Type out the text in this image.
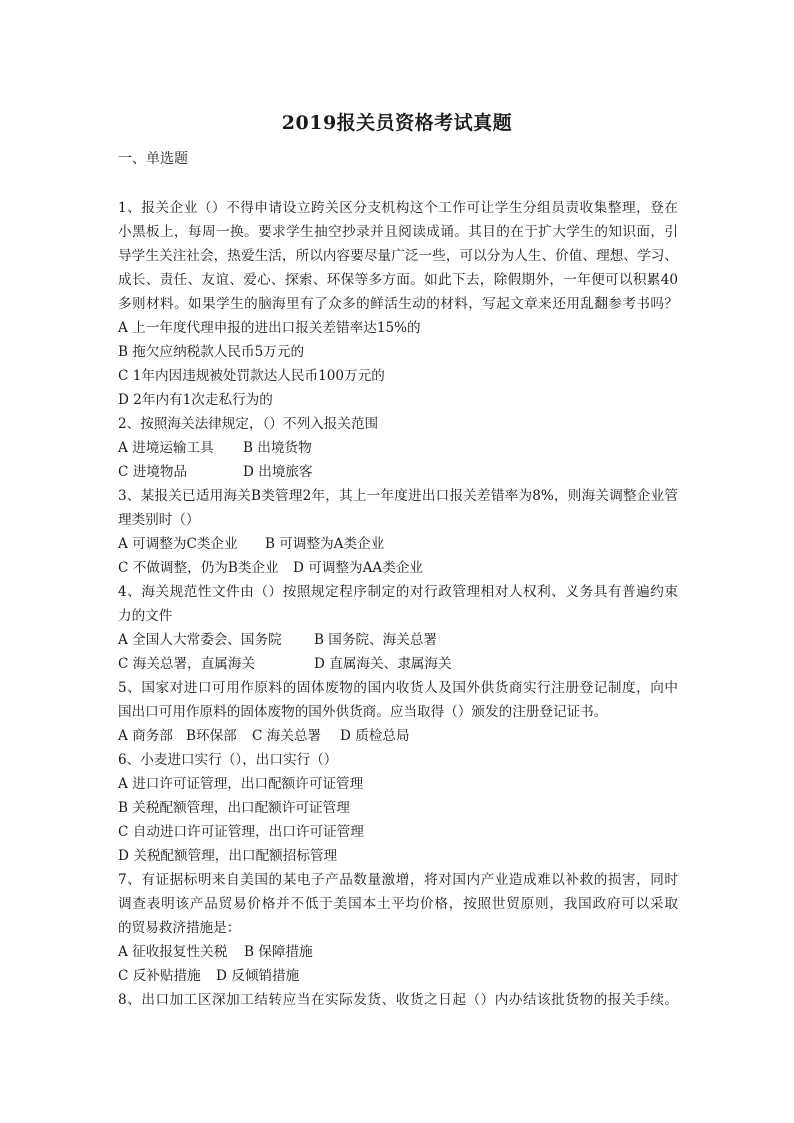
2019报关员资格考试真题
一、单选题
1、报关企业（）不得申请设立跨关区分支机构这个工作可让学生分组员责收集整理，登在
小黑板上，每周一换。要求学生抽空抄录并且阅读成诵。其目的在于扩大学生的知识面，引
导学生关注社会，热爱生活，所以内容要尽量广泛一些，可以分为人生、价值、理想、学习、
成长、责任、友谊、爱心、探索、环保等多方面。如此下去，除假期外，一年便可以积累40
多则材料。如果学生的脑海里有了众多的鲜活生动的材料，写起文章来还用乱翻参考书吗？
A 上一年度代理申报的进出口报关差错率达15%的
B 拖欠应纳税款人民币5万元的
C 1年内因违规被处罚款达人民币100万元的
D 2年内有1次走私行为的
2、按照海关法律规定，（）不列入报关范围
A 进境运输工具 B 出境货物
C 进境物品	D 出境旅客
3、某报关已适用海关B类管理2年，其上一年度进出口报关差错率为8%，则海关调整企业管
理类别时（）
A 可调整为C类企业 B 可调整为A类企业
C 不做调整，仍为B类企业 D 可调整为AA类企业
4、海关规范性文件由（）按照规定程序制定的对行政管理相对人权利、义务具有普遍约束
力的文件
A 全国人大常委会、国务院 B 国务院、海关总署
C 海关总署，直属海关	D 直属海关、隶属海关
5、国家对进口可用作原料的固体废物的国内收货人及国外供货商实行注册登记制度，向中
国出口可用作原料的固体废物的国外供货商。应当取得（）颁发的注册登记证书。
A 商务部 B环保部 C 海关总署 D 质检总局
6、小麦进口实行（），出口实行（）
A 进口许可证管理，出口配额许可证管理
B 关税配额管理，出口配额许可证管理
C 自动进口许可证管理，出口许可证管理
D 关税配额管理，出口配额招标管理
7、有证据标明来自美国的某电子产品数量激增，将对国内产业造成难以补救的损害，同时
调查表明该产品贸易价格并不低于美国本土平均价格，按照世贸原则，我国政府可以采取
的贸易救济措施是：
A 征收报复性关税 B 保障措施
C 反补贴措施 D 反倾销措施
8、出口加工区深加工结转应当在实际发货、收货之日起（）内办结该批货物的报关手续。
